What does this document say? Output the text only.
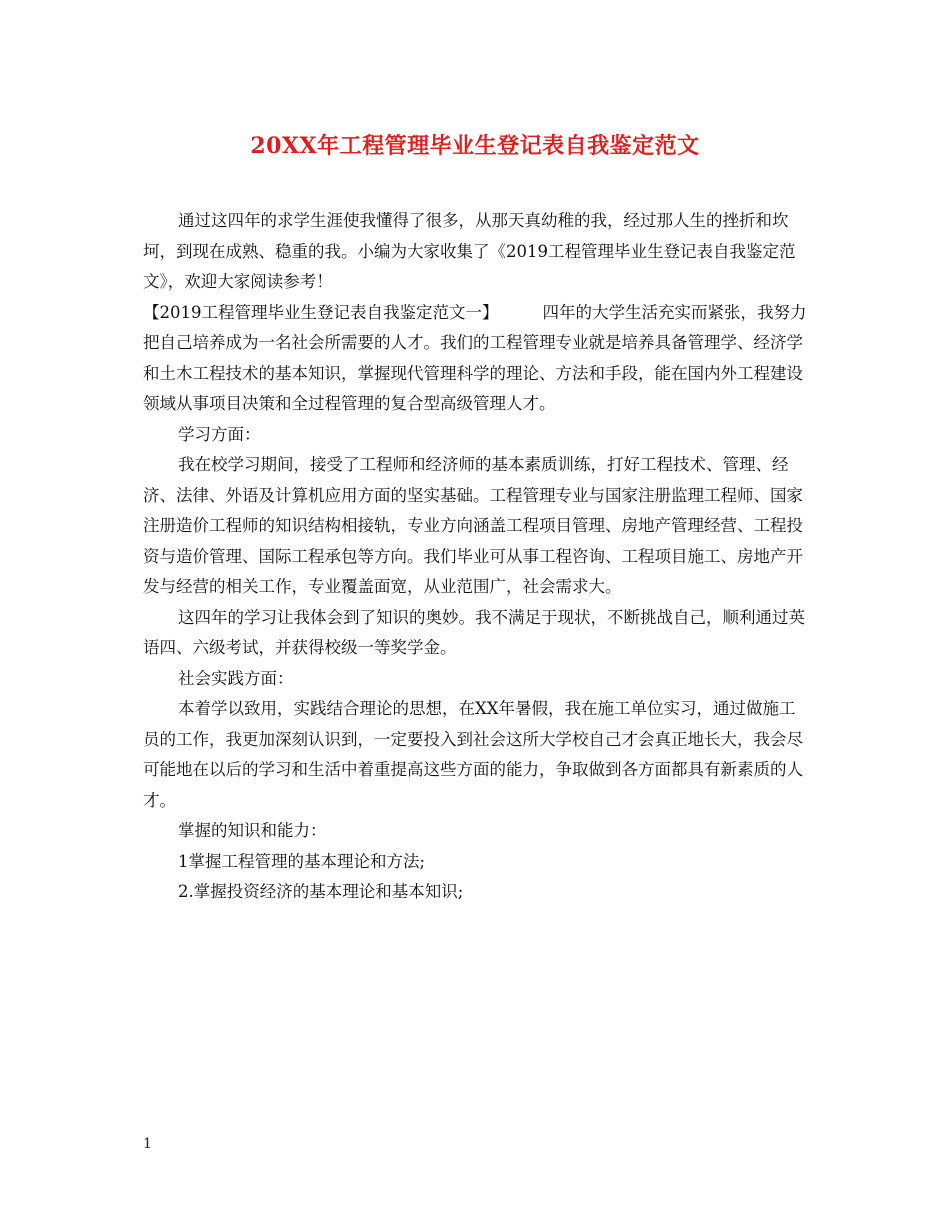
20XX年工程管理毕业生登记表自我鉴定范文

通过这四年的求学生涯使我懂得了很多，从那天真幼稚的我，经过那人生的挫折和坎坷，到现在成熟、稳重的我。小编为大家收集了《2019工程管理毕业生登记表自我鉴定范文》，欢迎大家阅读参考！

【2019工程管理毕业生登记表自我鉴定范文一】	四年的大学生活充实而紧张，我努力把自己培养成为一名社会所需要的人才。我们的工程管理专业就是培养具备管理学、经济学和土木工程技术的基本知识，掌握现代管理科学的理论、方法和手段，能在国内外工程建设领域从事项目决策和全过程管理的复合型高级管理人才。

学习方面：

我在校学习期间，接受了工程师和经济师的基本素质训练，打好工程技术、管理、经济、法律、外语及计算机应用方面的坚实基础。工程管理专业与国家注册监理工程师、国家注册造价工程师的知识结构相接轨，专业方向涵盖工程项目管理、房地产管理经营、工程投资与造价管理、国际工程承包等方向。我们毕业可从事工程咨询、工程项目施工、房地产开发与经营的相关工作，专业覆盖面宽，从业范围广，社会需求大。

这四年的学习让我体会到了知识的奥妙。我不满足于现状，不断挑战自己，顺利通过英语四、六级考试，并获得校级一等奖学金。

社会实践方面：

本着学以致用，实践结合理论的思想，在XX年暑假，我在施工单位实习，通过做施工员的工作，我更加深刻认识到，一定要投入到社会这所大学校自己才会真正地长大，我会尽可能地在以后的学习和生活中着重提高这些方面的能力，争取做到各方面都具有新素质的人才。

掌握的知识和能力：

1掌握工程管理的基本理论和方法;

2.掌握投资经济的基本理论和基本知识;

1
